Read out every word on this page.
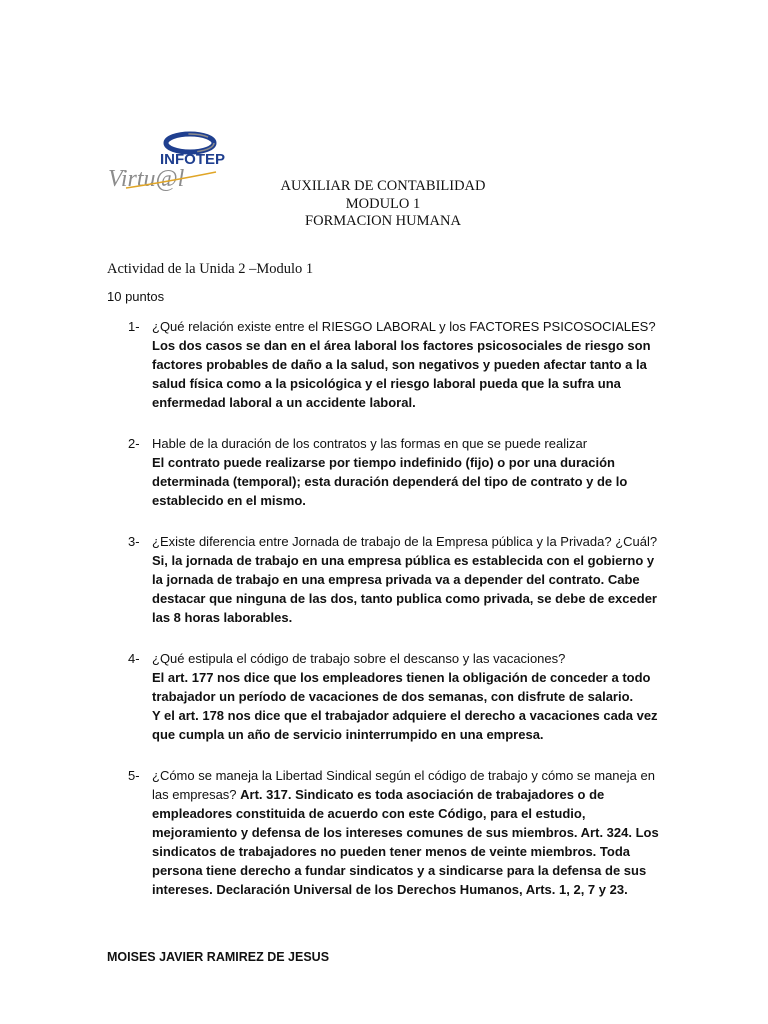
INFOTEP
Virtu@l	AUXILIAR DE CONTABILIDAD
MODULO 1
FORMACION HUMANA
Actividad de la Unida 2 –Modulo 1
10 puntos
1- ¿Qué relación existe entre el RIESGO LABORAL y los FACTORES PSICOSOCIALES?
Los dos casos se dan en el área laboral los factores psicosociales de riesgo son factores probables de daño a la salud, son negativos y pueden afectar tanto a la salud física como a la psicológica y el riesgo laboral pueda que la sufra una enfermedad laboral a un accidente laboral.
2- Hable de la duración de los contratos y las formas en que se puede realizar
El contrato puede realizarse por tiempo indefinido (fijo) o por una duración determinada (temporal); esta duración dependerá del tipo de contrato y de lo establecido en el mismo.
3- ¿Existe diferencia entre Jornada de trabajo de la Empresa pública y la Privada? ¿Cuál?
Si, la jornada de trabajo en una empresa pública es establecida con el gobierno y la jornada de trabajo en una empresa privada va a depender del contrato. Cabe destacar que ninguna de las dos, tanto publica como privada, se debe de exceder las 8 horas laborables.
4- ¿Qué estipula el código de trabajo sobre el descanso y las vacaciones?
El art. 177 nos dice que los empleadores tienen la obligación de conceder a todo trabajador un período de vacaciones de dos semanas, con disfrute de salario.
Y el art. 178 nos dice que el trabajador adquiere el derecho a vacaciones cada vez que cumpla un año de servicio ininterrumpido en una empresa.
5- ¿Cómo se maneja la Libertad Sindical según el código de trabajo y cómo se maneja en las empresas? Art. 317. Sindicato es toda asociación de trabajadores o de empleadores constituida de acuerdo con este Código, para el estudio, mejoramiento y defensa de los intereses comunes de sus miembros. Art. 324. Los sindicatos de trabajadores no pueden tener menos de veinte miembros. Toda persona tiene derecho a fundar sindicatos y a sindicarse para la defensa de sus intereses. Declaración Universal de los Derechos Humanos, Arts. 1, 2, 7 y 23.
MOISES JAVIER RAMIREZ DE JESUS
